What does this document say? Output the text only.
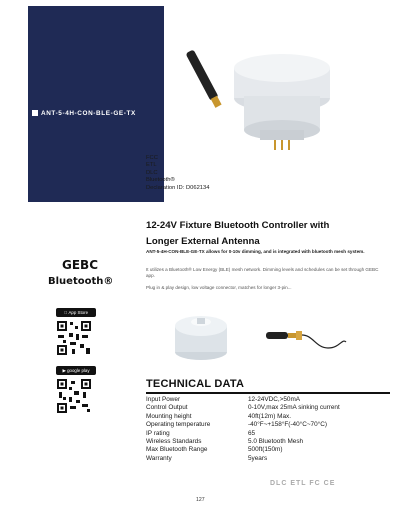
ANT-5-4H-CON-BLE-GE-TX
FCC
ETL
DLC
Bluetooth®
Declaration ID: D062134
12-24V Fixture Bluetooth Controller with
Longer External Antenna
ANT-5-4H-CON-BLE-GE-TX allows for 0-10v dimming, and is integrated with bluetooth mesh system.
It utilizes a Bluetooth® Low Energy (BLE) mesh network. Dimming levels and schedules can be set through GEBC app.
Plug in & play design, low voltage connector, matches for longer 3-pin...
GEBC
Bluetooth®
App Store
▶ google play
TECHNICAL DATA
Input Power	12-24VDC,>50mA
Control Output	0-10V,max 25mA sinking current
Mounting height	40ft(12m) Max.
Operating temperature	-40°F~+158°F(-40°C~70°C)
IP rating	65
Wireless Standards	5.0 Bluetooth Mesh
Max Bluetooth Range	500ft(150m)
Warranty	5years
DLC ETL FC CE
127
